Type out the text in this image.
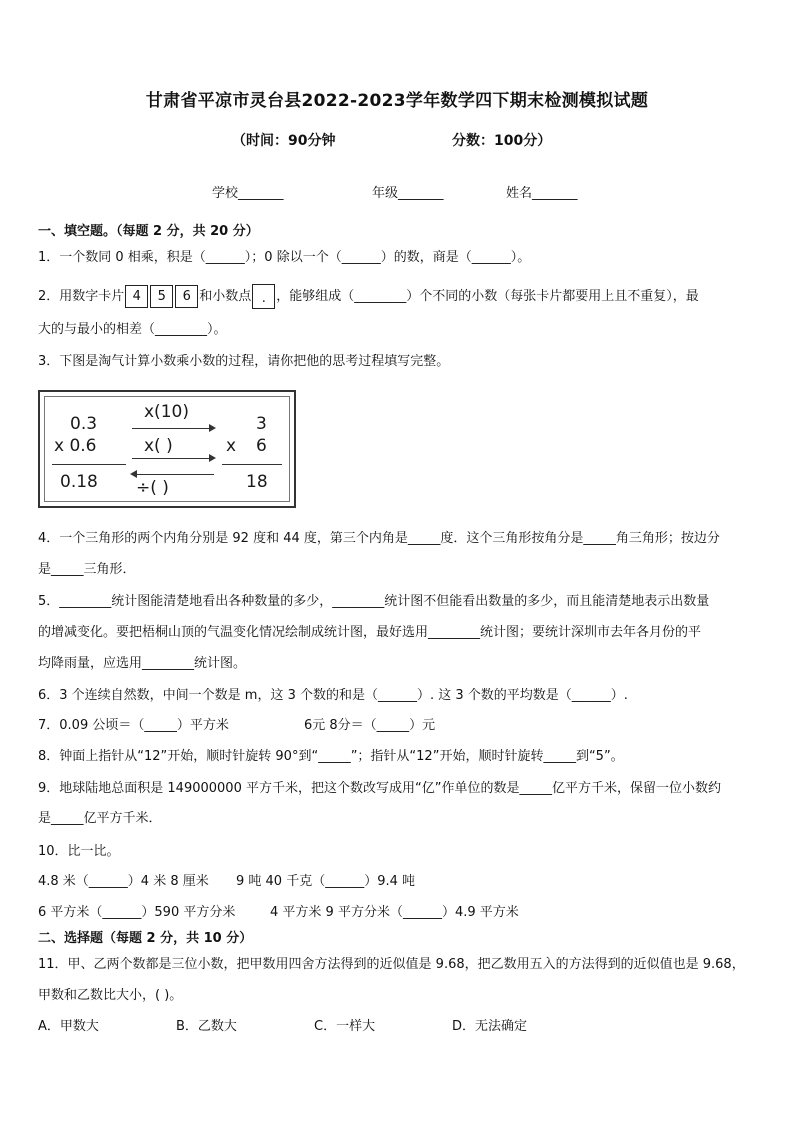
甘肃省平凉市灵台县2022-2023学年数学四下期末检测模拟试题
（时间：90分钟	分数：100分）
学校_______	年级_______	姓名_______
一、填空题。（每题 2 分，共 20 分）
1．一个数同 0 相乘，积是（______）；0 除以一个（______）的数，商是（______）。
2．用数字卡片 4 5 6 和小数点 . ，能够组成（________）个不同的小数（每张卡片都要用上且不重复），最
大的与最小的相差（________）。
3．下图是淘气计算小数乘小数的过程，请你把他的思考过程填写完整。
0.3
x 0.6
0.18
x(10)
x( )
÷( )
x
3
6
18
4．一个三角形的两个内角分别是 92 度和 44 度，第三个内角是_____度．这个三角形按角分是_____角三角形；按边分
是_____三角形．
5．________统计图能清楚地看出各种数量的多少，________统计图不但能看出数量的多少，而且能清楚地表示出数量
的增减变化。要把梧桐山顶的气温变化情况绘制成统计图，最好选用________统计图；要统计深圳市去年各月份的平
均降雨量，应选用________统计图。
6．3 个连续自然数，中间一个数是 m，这 3 个数的和是（______）. 这 3 个数的平均数是（______）.
7．0.09 公顷＝（_____）平方米	6元 8分＝（_____）元
8．钟面上指针从“12”开始，顺时针旋转 90°到“_____”；指针从“12”开始，顺时针旋转_____到“5”。
9．地球陆地总面积是 149000000 平方千米，把这个数改写成用“亿”作单位的数是_____亿平方千米，保留一位小数约
是_____亿平方千米．
10．比一比。
4.8 米（______）4 米 8 厘米 9 吨 40 千克（______）9.4 吨
6 平方米（______）590 平方分米	4 平方米 9 平方分米（______）4.9 平方米
二、选择题（每题 2 分，共 10 分）
11．甲、乙两个数都是三位小数，把甲数用四舍方法得到的近似值是 9.68，把乙数用五入的方法得到的近似值也是 9.68，
甲数和乙数比大小，( )。
A．甲数大	B．乙数大	C．一样大	D．无法确定
